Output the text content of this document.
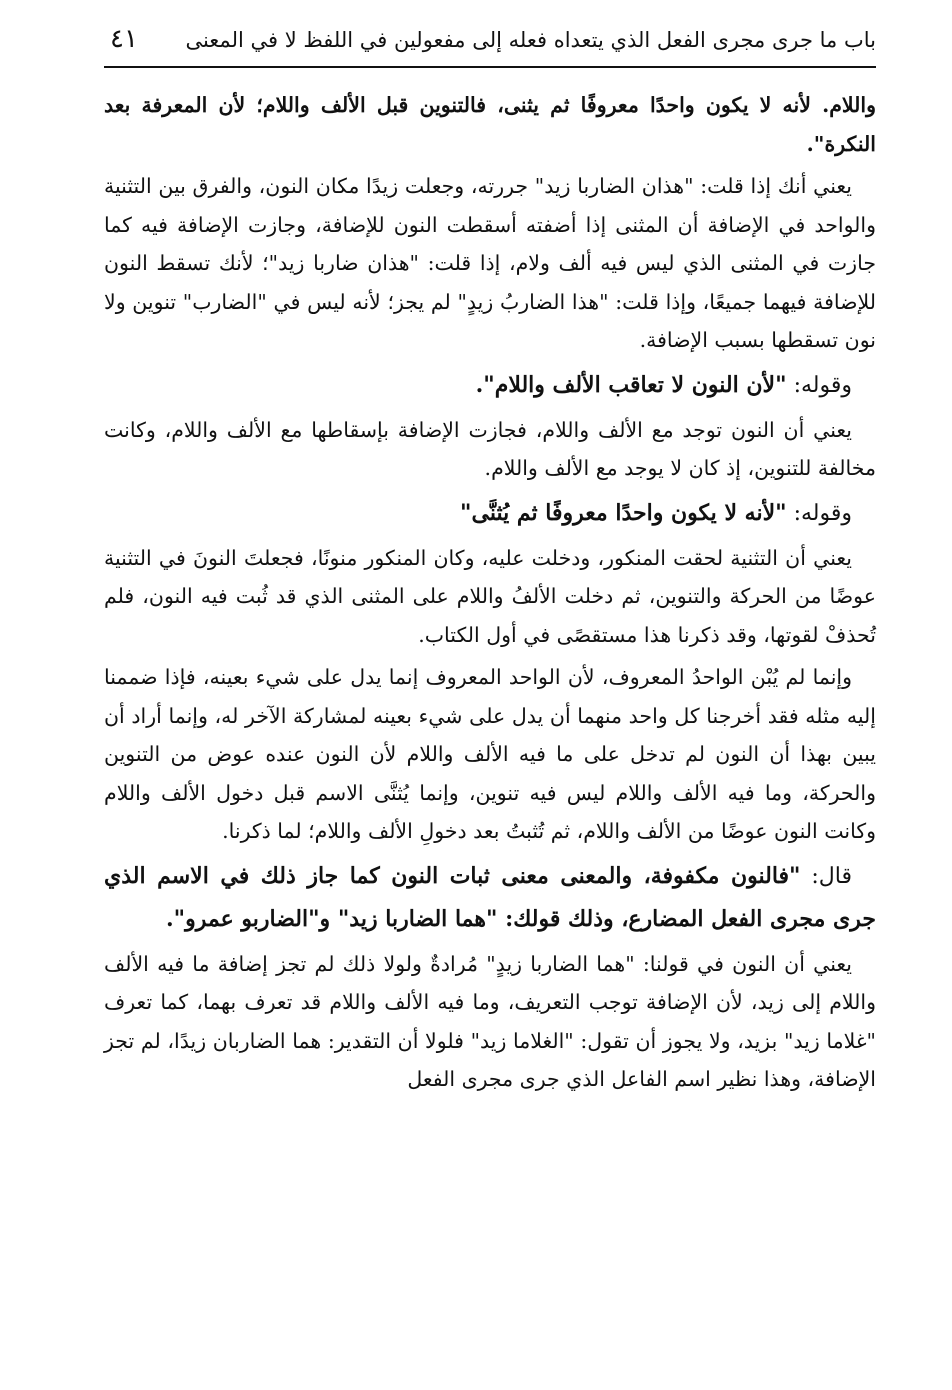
باب ما جرى مجرى الفعل الذي يتعداه فعله إلى مفعولين في اللفظ لا في المعنى
٤١

واللام. لأنه لا يكون واحدًا معروفًا ثم يثنى، فالتنوين قبل الألف واللام؛ لأن المعرفة بعد النكرة".

يعني أنك إذا قلت: "هذان الضاربا زيد" جررته، وجعلت زيدًا مكان النون، والفرق بين التثنية والواحد في الإضافة أن المثنى إذا أضفته أسقطت النون للإضافة، وجازت الإضافة فيه كما جازت في المثنى الذي ليس فيه ألف ولام، إذا قلت: "هذان ضاربا زيد"؛ لأنك تسقط النون للإضافة فيهما جميعًا، وإذا قلت: "هذا الضاربُ زيدٍ" لم يجز؛ لأنه ليس في "الضارب" تنوين ولا نون تسقطها بسبب الإضافة.

وقوله: "لأن النون لا تعاقب الألف واللام".

يعني أن النون توجد مع الألف واللام، فجازت الإضافة بإسقاطها مع الألف واللام، وكانت مخالفة للتنوين، إذ كان لا يوجد مع الألف واللام.

وقوله: "لأنه لا يكون واحدًا معروفًا ثم يُثنَّى"

يعني أن التثنية لحقت المنكور، ودخلت عليه، وكان المنكور منونًا، فجعلتَ النونَ في التثنية عوضًا من الحركة والتنوين، ثم دخلت الألفُ واللام على المثنى الذي قد ثُبت فيه النون، فلم تُحذفْ لقوتها، وقد ذكرنا هذا مستقصًى في أول الكتاب.

وإنما لم يُبْن الواحدُ المعروف، لأن الواحد المعروف إنما يدل على شيء بعينه، فإذا ضممنا إليه مثله فقد أخرجنا كل واحد منهما أن يدل على شيء بعينه لمشاركة الآخر له، وإنما أراد أن يبين بهذا أن النون لم تدخل على ما فيه الألف واللام لأن النون عنده عوض من التنوين والحركة، وما فيه الألف واللام ليس فيه تنوين، وإنما يُثنَّى الاسم قبل دخول الألف واللام وكانت النون عوضًا من الألف واللام، ثم تُثبتُ بعد دخولِ الألف واللام؛ لما ذكرنا.

قال: "فالنون مكفوفة، والمعنى معنى ثبات النون كما جاز ذلك في الاسم الذي جرى مجرى الفعل المضارع، وذلك قولك: "هما الضاربا زيد" و"الضاربو عمرو".

يعني أن النون في قولنا: "هما الضاربا زيدٍ" مُرادةٌ ولولا ذلك لم تجز إضافة ما فيه الألف واللام إلى زيد، لأن الإضافة توجب التعريف، وما فيه الألف واللام قد تعرف بهما، كما تعرف "غلاما زيد" بزيد، ولا يجوز أن تقول: "الغلاما زيد" فلولا أن التقدير: هما الضاربان زيدًا، لم تجز الإضافة، وهذا نظير اسم الفاعل الذي جرى مجرى الفعل
